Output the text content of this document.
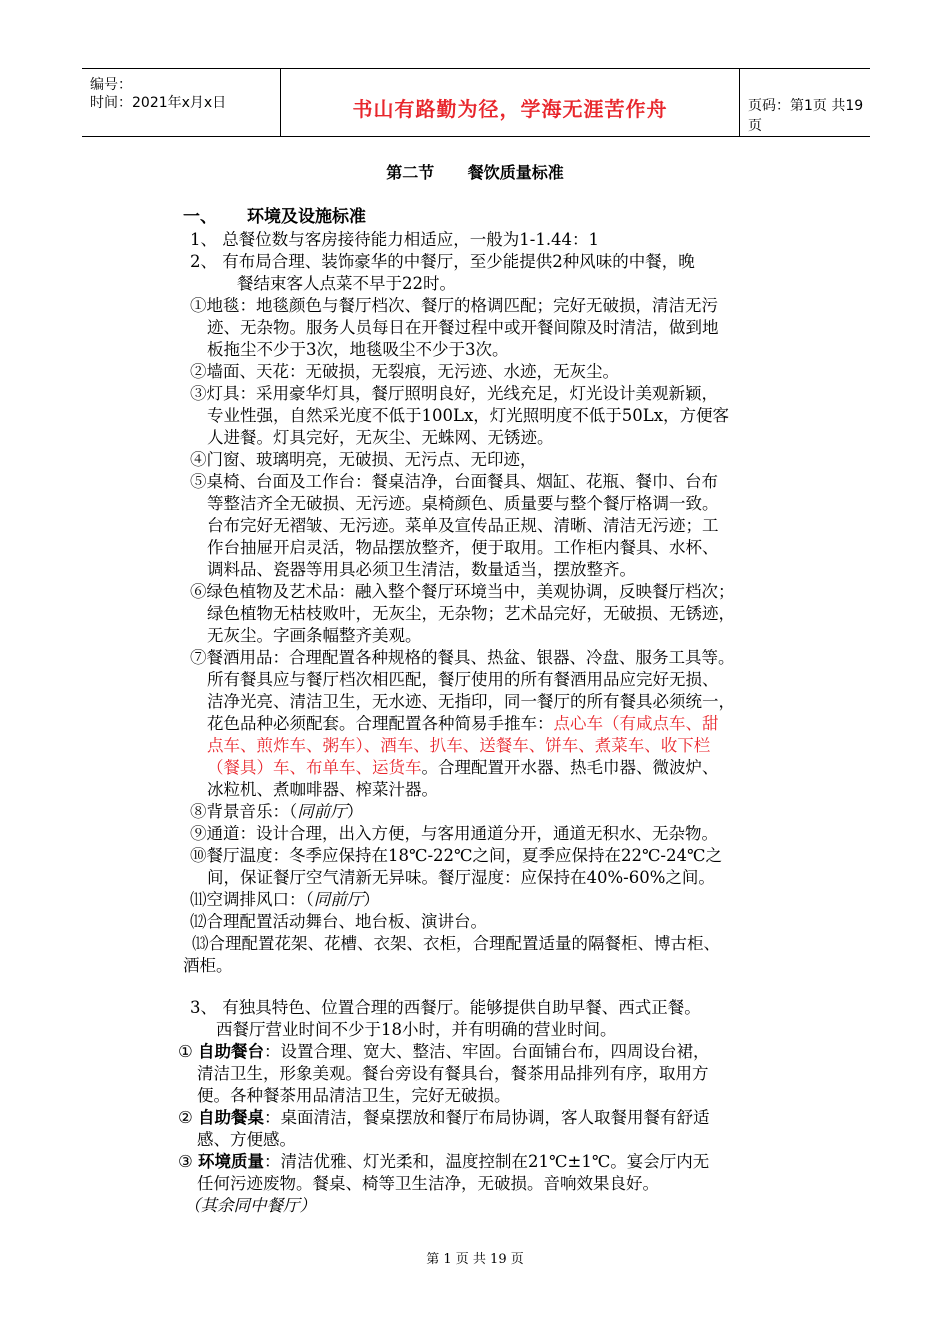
编号：
时间：2021年x月x日	书山有路勤为径，学海无涯苦作舟	页码：第1页 共19页
第二节 餐饮质量标准
一、 环境及设施标准
1、 总餐位数与客房接待能力相适应，一般为1-1.44：1
2、 有布局合理、装饰豪华的中餐厅，至少能提供2种风味的中餐，晚
餐结束客人点菜不早于22时。
①地毯：地毯颜色与餐厅档次、餐厅的格调匹配；完好无破损，清洁无污
迹、无杂物。服务人员每日在开餐过程中或开餐间隙及时清洁，做到地
板拖尘不少于3次，地毯吸尘不少于3次。
②墙面、天花：无破损，无裂痕，无污迹、水迹，无灰尘。
③灯具：采用豪华灯具，餐厅照明良好，光线充足，灯光设计美观新颖，
专业性强，自然采光度不低于100Lx，灯光照明度不低于50Lx，方便客
人进餐。灯具完好，无灰尘、无蛛网、无锈迹。
④门窗、玻璃明亮，无破损、无污点、无印迹，
⑤桌椅、台面及工作台：餐桌洁净，台面餐具、烟缸、花瓶、餐巾、台布
等整洁齐全无破损、无污迹。桌椅颜色、质量要与整个餐厅格调一致。
台布完好无褶皱、无污迹。菜单及宣传品正规、清晰、清洁无污迹；工
作台抽屉开启灵活，物品摆放整齐，便于取用。工作柜内餐具、水杯、
调料品、瓷器等用具必须卫生清洁，数量适当，摆放整齐。
⑥绿色植物及艺术品：融入整个餐厅环境当中，美观协调，反映餐厅档次；
绿色植物无枯枝败叶，无灰尘，无杂物；艺术品完好，无破损、无锈迹，
无灰尘。字画条幅整齐美观。
⑦餐酒用品：合理配置各种规格的餐具、热盆、银器、冷盘、服务工具等。
所有餐具应与餐厅档次相匹配，餐厅使用的所有餐酒用品应完好无损、
洁净光亮、清洁卫生，无水迹、无指印，同一餐厅的所有餐具必须统一，
花色品种必须配套。合理配置各种简易手推车：点心车（有咸点车、甜
点车、煎炸车、粥车）、酒车、扒车、送餐车、饼车、煮菜车、收下栏
（餐具）车、布单车、运货车。合理配置开水器、热毛巾器、微波炉、
冰粒机、煮咖啡器、榨菜汁器。
⑧背景音乐：（同前厅）
⑨通道：设计合理，出入方便，与客用通道分开，通道无积水、无杂物。
⑩餐厅温度：冬季应保持在18℃-22℃之间，夏季应保持在22℃-24℃之
间，保证餐厅空气清新无异味。餐厅湿度：应保持在40%-60%之间。
⑾空调排风口：（同前厅）
⑿合理配置活动舞台、地台板、演讲台。
⒀合理配置花架、花槽、衣架、衣柜，合理配置适量的隔餐柜、博古柜、
酒柜。
3、 有独具特色、位置合理的西餐厅。能够提供自助早餐、西式正餐。
西餐厅营业时间不少于18小时，并有明确的营业时间。
① 自助餐台：设置合理、宽大、整洁、牢固。台面铺台布，四周设台裙，
清洁卫生，形象美观。餐台旁设有餐具台，餐茶用品排列有序，取用方
便。各种餐茶用品清洁卫生，完好无破损。
② 自助餐桌：桌面清洁，餐桌摆放和餐厅布局协调，客人取餐用餐有舒适
感、方便感。
③ 环境质量：清洁优雅、灯光柔和，温度控制在21℃±1℃。宴会厅内无
任何污迹废物。餐桌、椅等卫生洁净，无破损。音响效果良好。
（其余同中餐厅）
第 1 页 共 19 页
